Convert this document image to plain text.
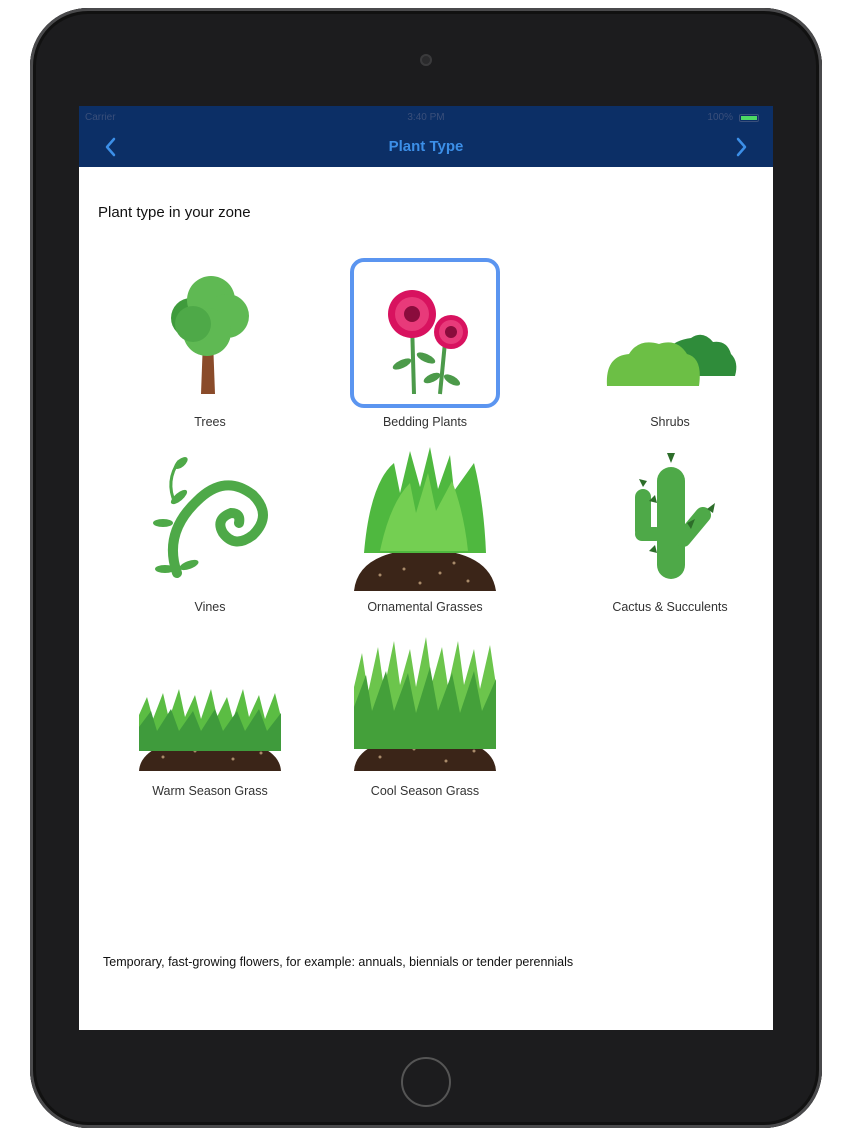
Carrier	3:40 PM	100%
Plant Type
Plant type in your zone
Trees	Bedding Plants	Shrubs
Vines	Ornamental Grasses	Cactus & Succulents
Warm Season Grass	Cool Season Grass
Temporary, fast-growing flowers, for example: annuals, biennials or tender perennials
